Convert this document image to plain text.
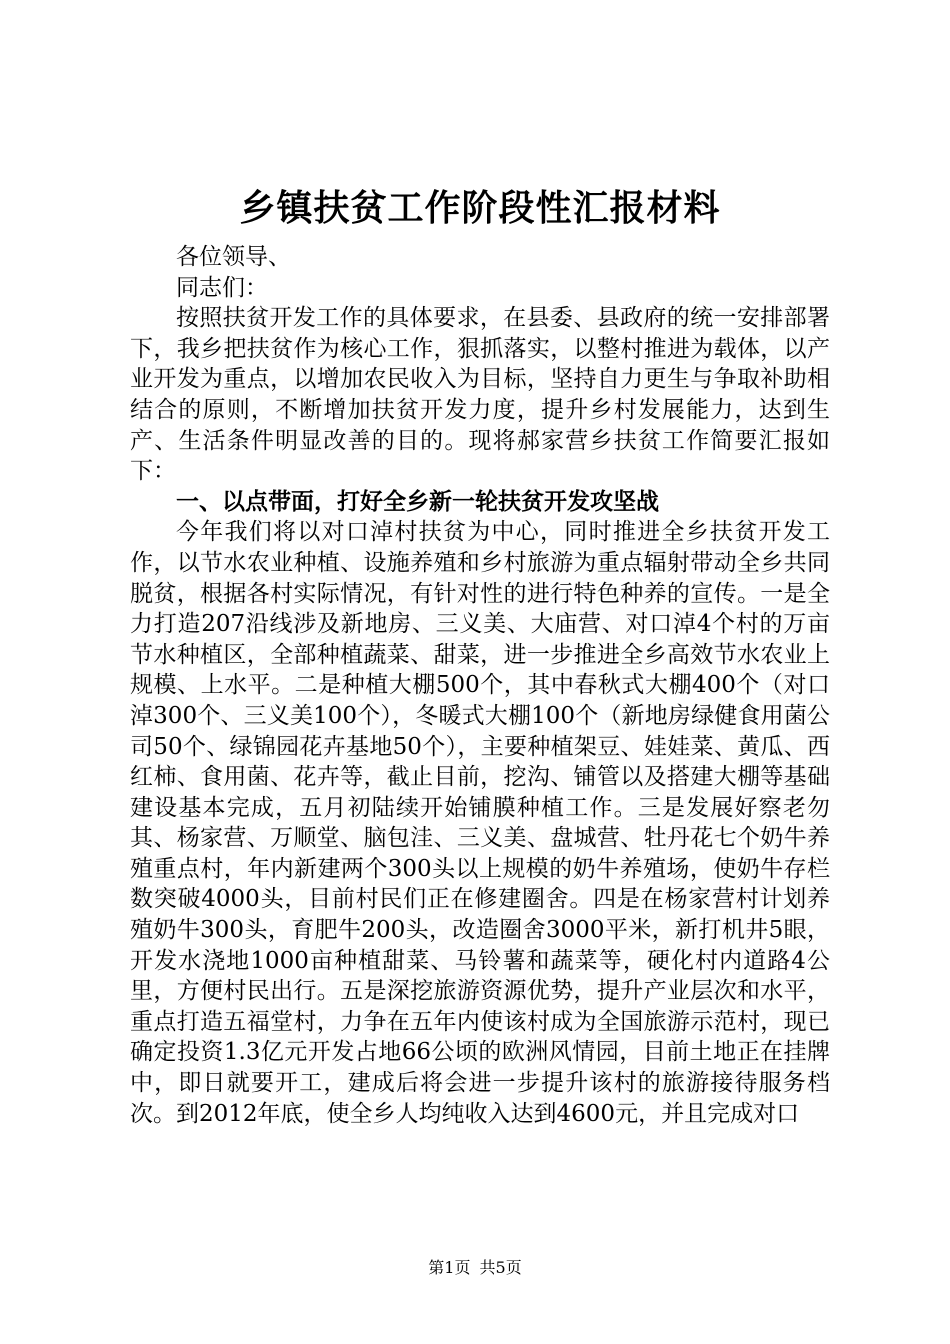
乡镇扶贫工作阶段性汇报材料

各位领导、

同志们：

按照扶贫开发工作的具体要求，在县委、县政府的统一安排部署下，我乡把扶贫作为核心工作，狠抓落实，以整村推进为载体，以产业开发为重点，以增加农民收入为目标，坚持自力更生与争取补助相结合的原则，不断增加扶贫开发力度，提升乡村发展能力，达到生产、生活条件明显改善的目的。现将郝家营乡扶贫工作简要汇报如下：

一、以点带面，打好全乡新一轮扶贫开发攻坚战

今年我们将以对口淖村扶贫为中心，同时推进全乡扶贫开发工作，以节水农业种植、设施养殖和乡村旅游为重点辐射带动全乡共同脱贫，根据各村实际情况，有针对性的进行特色种养的宣传。一是全力打造207沿线涉及新地房、三义美、大庙营、对口淖4个村的万亩节水种植区，全部种植蔬菜、甜菜，进一步推进全乡高效节水农业上规模、上水平。二是种植大棚500个，其中春秋式大棚400个（对口淖300个、三义美100个），冬暖式大棚100个（新地房绿健食用菌公司50个、绿锦园花卉基地50个），主要种植架豆、娃娃菜、黄瓜、西红柿、食用菌、花卉等，截止目前，挖沟、铺管以及搭建大棚等基础建设基本完成，五月初陆续开始铺膜种植工作。三是发展好察老勿其、杨家营、万顺堂、脑包洼、三义美、盘城营、牡丹花七个奶牛养殖重点村，年内新建两个300头以上规模的奶牛养殖场，使奶牛存栏数突破4000头，目前村民们正在修建圈舍。四是在杨家营村计划养殖奶牛300头，育肥牛200头，改造圈舍3000平米，新打机井5眼，开发水浇地1000亩种植甜菜、马铃薯和蔬菜等，硬化村内道路4公里，方便村民出行。五是深挖旅游资源优势，提升产业层次和水平，重点打造五福堂村，力争在五年内使该村成为全国旅游示范村，现已确定投资1.3亿元开发占地66公顷的欧洲风情园，目前土地正在挂牌中，即日就要开工，建成后将会进一步提升该村的旅游接待服务档次。到2012年底，使全乡人均纯收入达到4600元，并且完成对口

第1页 共5页
